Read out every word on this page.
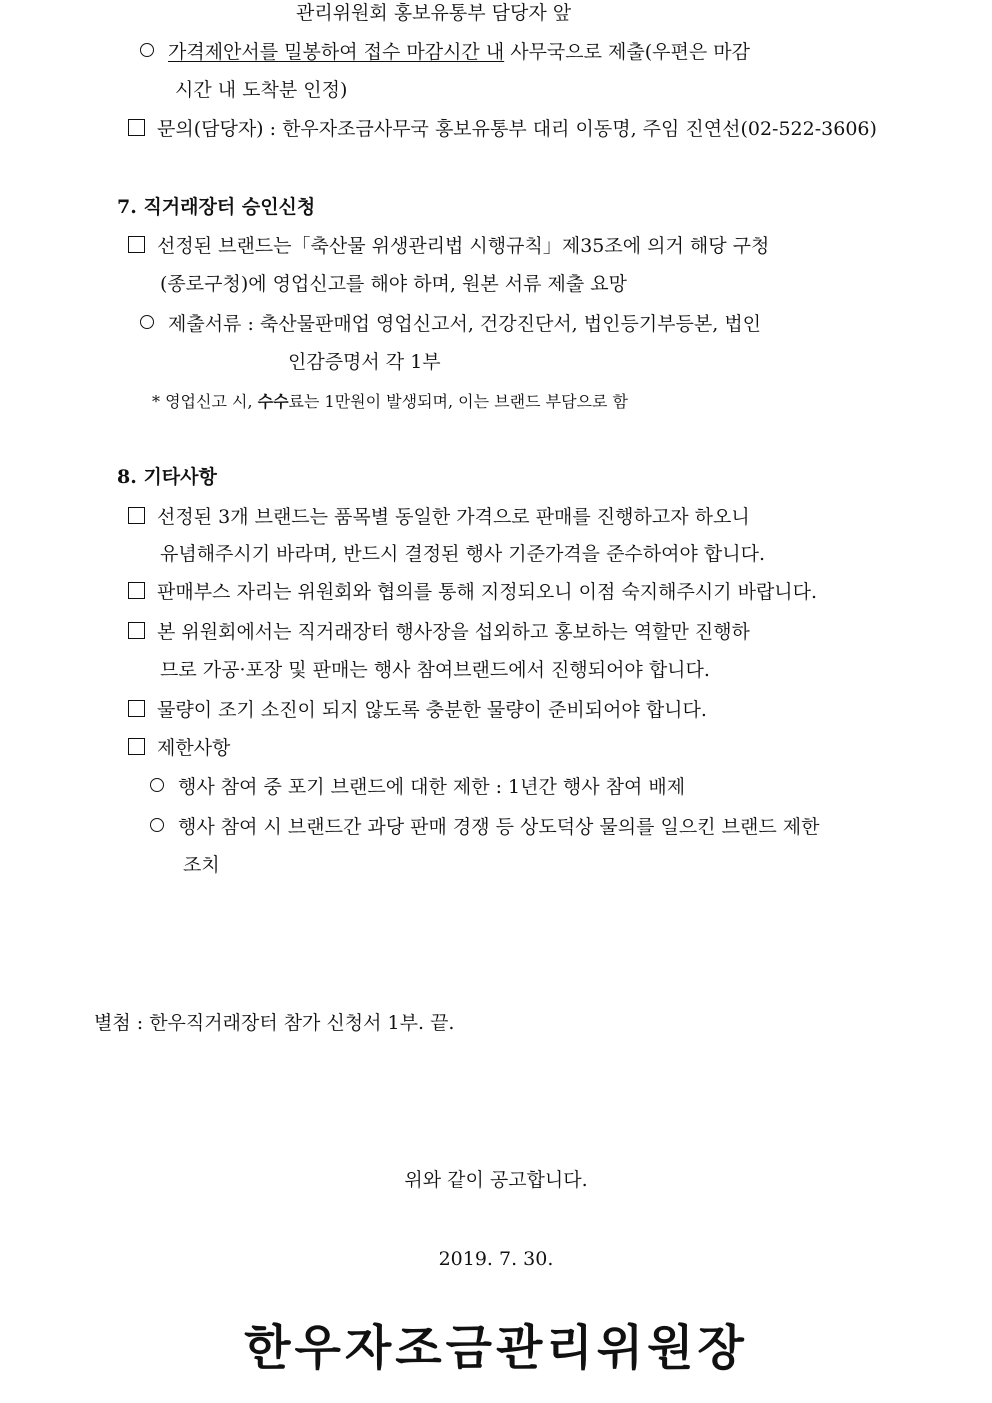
관리위원회 홍보유통부 담당자 앞
가격제안서를 밀봉하여 접수 마감시간 내 사무국으로 제출(우편은 마감
시간 내 도착분 인정)
문의(담당자) : 한우자조금사무국 홍보유통부 대리 이동명, 주임 진연선(02-522-3606)
7. 직거래장터 승인신청
선정된 브랜드는「축산물 위생관리법 시행규칙」제35조에 의거 해당 구청
(종로구청)에 영업신고를 해야 하며, 원본 서류 제출 요망
제출서류 : 축산물판매업 영업신고서, 건강진단서, 법인등기부등본, 법인
인감증명서 각 1부
* 영업신고 시, 수수료는 1만원이 발생되며, 이는 브랜드 부담으로 함
8. 기타사항
선정된 3개 브랜드는 품목별 동일한 가격으로 판매를 진행하고자 하오니
유념해주시기 바라며, 반드시 결정된 행사 기준가격을 준수하여야 합니다.
판매부스 자리는 위원회와 협의를 통해 지정되오니 이점 숙지해주시기 바랍니다.
본 위원회에서는 직거래장터 행사장을 섭외하고 홍보하는 역할만 진행하
므로 가공·포장 및 판매는 행사 참여브랜드에서 진행되어야 합니다.
물량이 조기 소진이 되지 않도록 충분한 물량이 준비되어야 합니다.
제한사항
행사 참여 중 포기 브랜드에 대한 제한 : 1년간 행사 참여 배제
행사 참여 시 브랜드간 과당 판매 경쟁 등 상도덕상 물의를 일으킨 브랜드 제한
조치
별첨 : 한우직거래장터 참가 신청서 1부. 끝.
위와 같이 공고합니다.
2019. 7. 30.
한우자조금관리위원장
